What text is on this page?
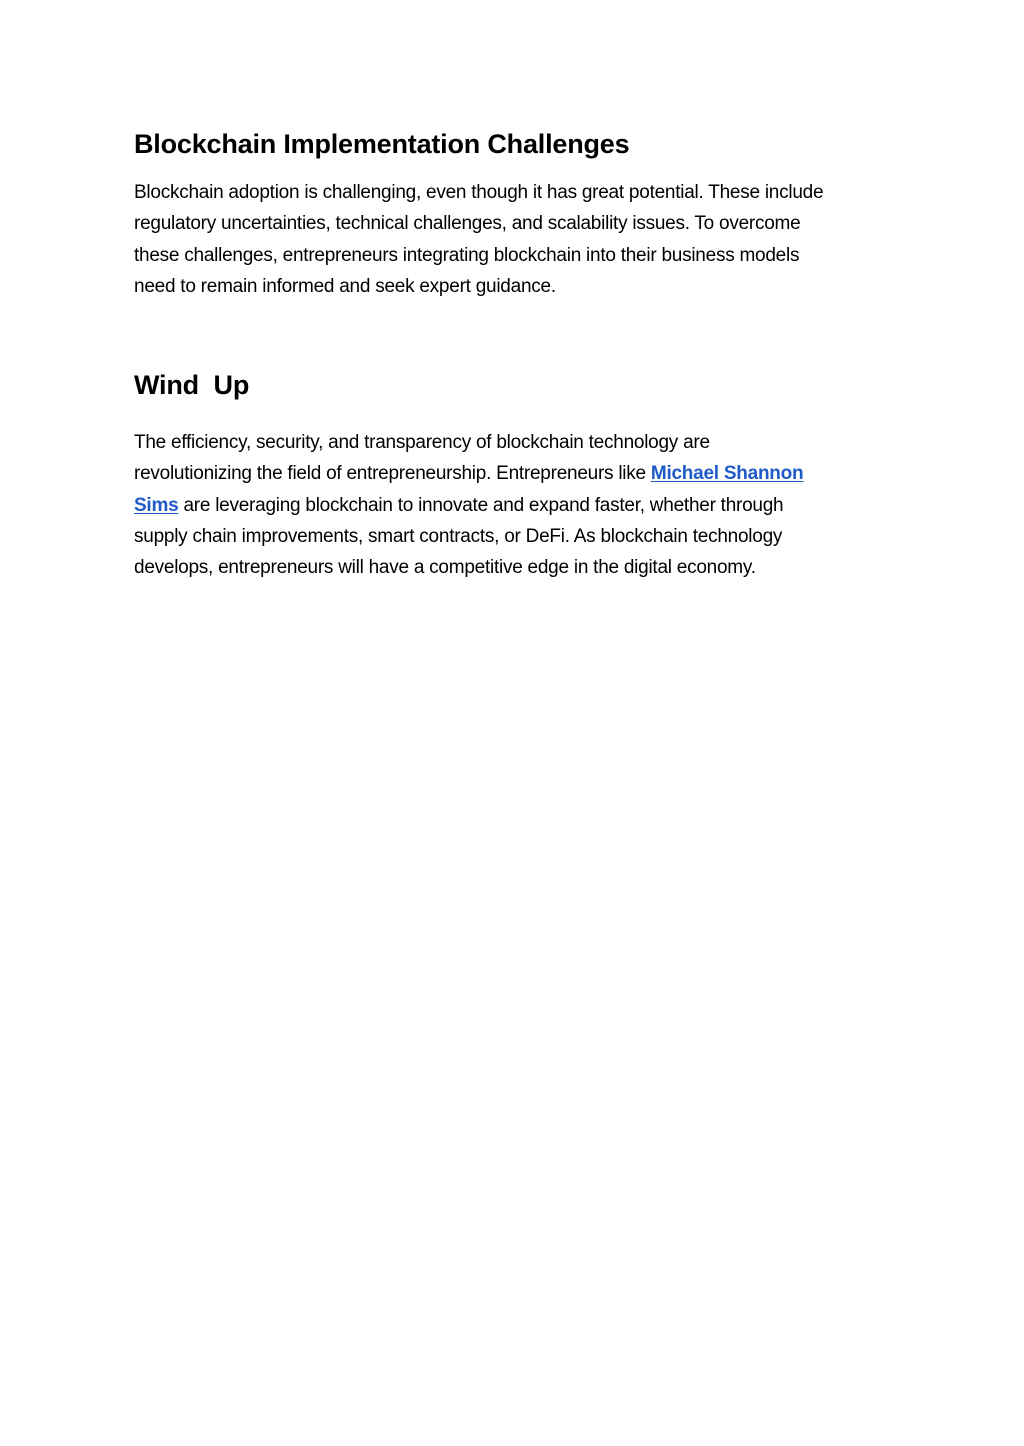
Blockchain Implementation Challenges

Blockchain adoption is challenging, even though it has great potential. These include
regulatory uncertainties, technical challenges, and scalability issues. To overcome
these challenges, entrepreneurs integrating blockchain into their business models
need to remain informed and seek expert guidance.

Wind  Up

The efficiency, security, and transparency of blockchain technology are
revolutionizing the field of entrepreneurship. Entrepreneurs like Michael Shannon
Sims are leveraging blockchain to innovate and expand faster, whether through
supply chain improvements, smart contracts, or DeFi. As blockchain technology
develops, entrepreneurs will have a competitive edge in the digital economy.
